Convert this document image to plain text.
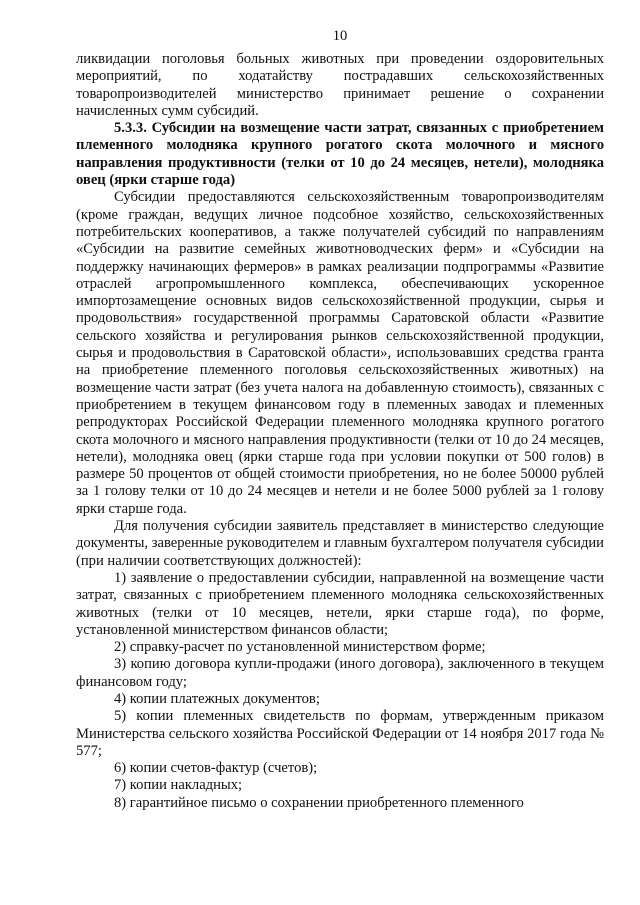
10

ликвидации поголовья больных животных при проведении оздоровительных мероприятий, по ходатайству пострадавших сельскохозяйственных товаропроизводителей министерство принимает решение о сохранении начисленных сумм субсидий.

5.3.3. Субсидии на возмещение части затрат, связанных с приобретением племенного молодняка крупного рогатого скота молочного и мясного направления продуктивности (телки от 10 до 24 месяцев, нетели), молодняка овец (ярки старше года)

Субсидии предоставляются сельскохозяйственным товаропроизводителям (кроме граждан, ведущих личное подсобное хозяйство, сельскохозяйственных потребительских кооперативов, а также получателей субсидий по направлениям «Субсидии на развитие семейных животноводческих ферм» и «Субсидии на поддержку начинающих фермеров» в рамках реализации подпрограммы «Развитие отраслей агропромышленного комплекса, обеспечивающих ускоренное импортозамещение основных видов сельскохозяйственной продукции, сырья и продовольствия» государственной программы Саратовской области «Развитие сельского хозяйства и регулирования рынков сельскохозяйственной продукции, сырья и продовольствия в Саратовской области», использовавших средства гранта на приобретение племенного поголовья сельскохозяйственных животных) на возмещение части затрат (без учета налога на добавленную стоимость), связанных с приобретением в текущем финансовом году в племенных заводах и племенных репродукторах Российской Федерации племенного молодняка крупного рогатого скота молочного и мясного направления продуктивности (телки от 10 до 24 месяцев, нетели), молодняка овец (ярки старше года при условии покупки от 500 голов) в размере 50 процентов от общей стоимости приобретения, но не более 50000 рублей за 1 голову телки от 10 до 24 месяцев и нетели и не более 5000 рублей за 1 голову ярки старше года.

Для получения субсидии заявитель представляет в министерство следующие документы, заверенные руководителем и главным бухгалтером получателя субсидии (при наличии соответствующих должностей):

1) заявление о предоставлении субсидии, направленной на возмещение части затрат, связанных с приобретением племенного молодняка сельскохозяйственных животных (телки от 10 месяцев, нетели, ярки старше года), по форме, установленной министерством финансов области;

2) справку-расчет по установленной министерством форме;

3) копию договора купли-продажи (иного договора), заключенного в текущем финансовом году;

4) копии платежных документов;

5) копии племенных свидетельств по формам, утвержденным приказом Министерства сельского хозяйства Российской Федерации от 14 ноября 2017 года № 577;

6) копии счетов-фактур (счетов);

7) копии накладных;

8) гарантийное письмо о сохранении приобретенного племенного
